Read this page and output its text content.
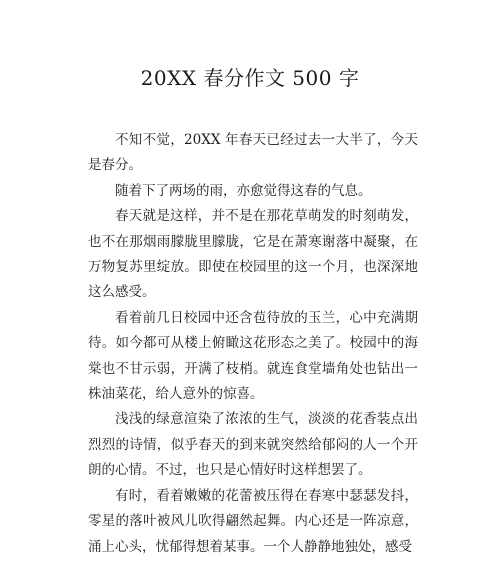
20XX 春分作文 500 字

不知不觉，20XX 年春天已经过去一大半了，今天是春分。

随着下了两场的雨，亦愈觉得这春的气息。

春天就是这样，并不是在那花草萌发的时刻萌发，也不在那烟雨朦胧里朦胧，它是在萧寒谢落中凝聚，在万物复苏里绽放。即使在校园里的这一个月，也深深地这么感受。

看着前几日校园中还含苞待放的玉兰，心中充满期待。如今都可从楼上俯瞰这花形态之美了。校园中的海棠也不甘示弱，开满了枝梢。就连食堂墙角处也钻出一株油菜花，给人意外的惊喜。

浅浅的绿意渲染了浓浓的生气，淡淡的花香装点出烈烈的诗情，似乎春天的到来就突然给郁闷的人一个开朗的心情。不过，也只是心情好时这样想罢了。

有时，看着嫩嫩的花蕾被压得在春寒中瑟瑟发抖，零星的落叶被风儿吹得翩然起舞。内心还是一阵凉意，涌上心头，忧郁得想着某事。一个人静静地独处，感受
